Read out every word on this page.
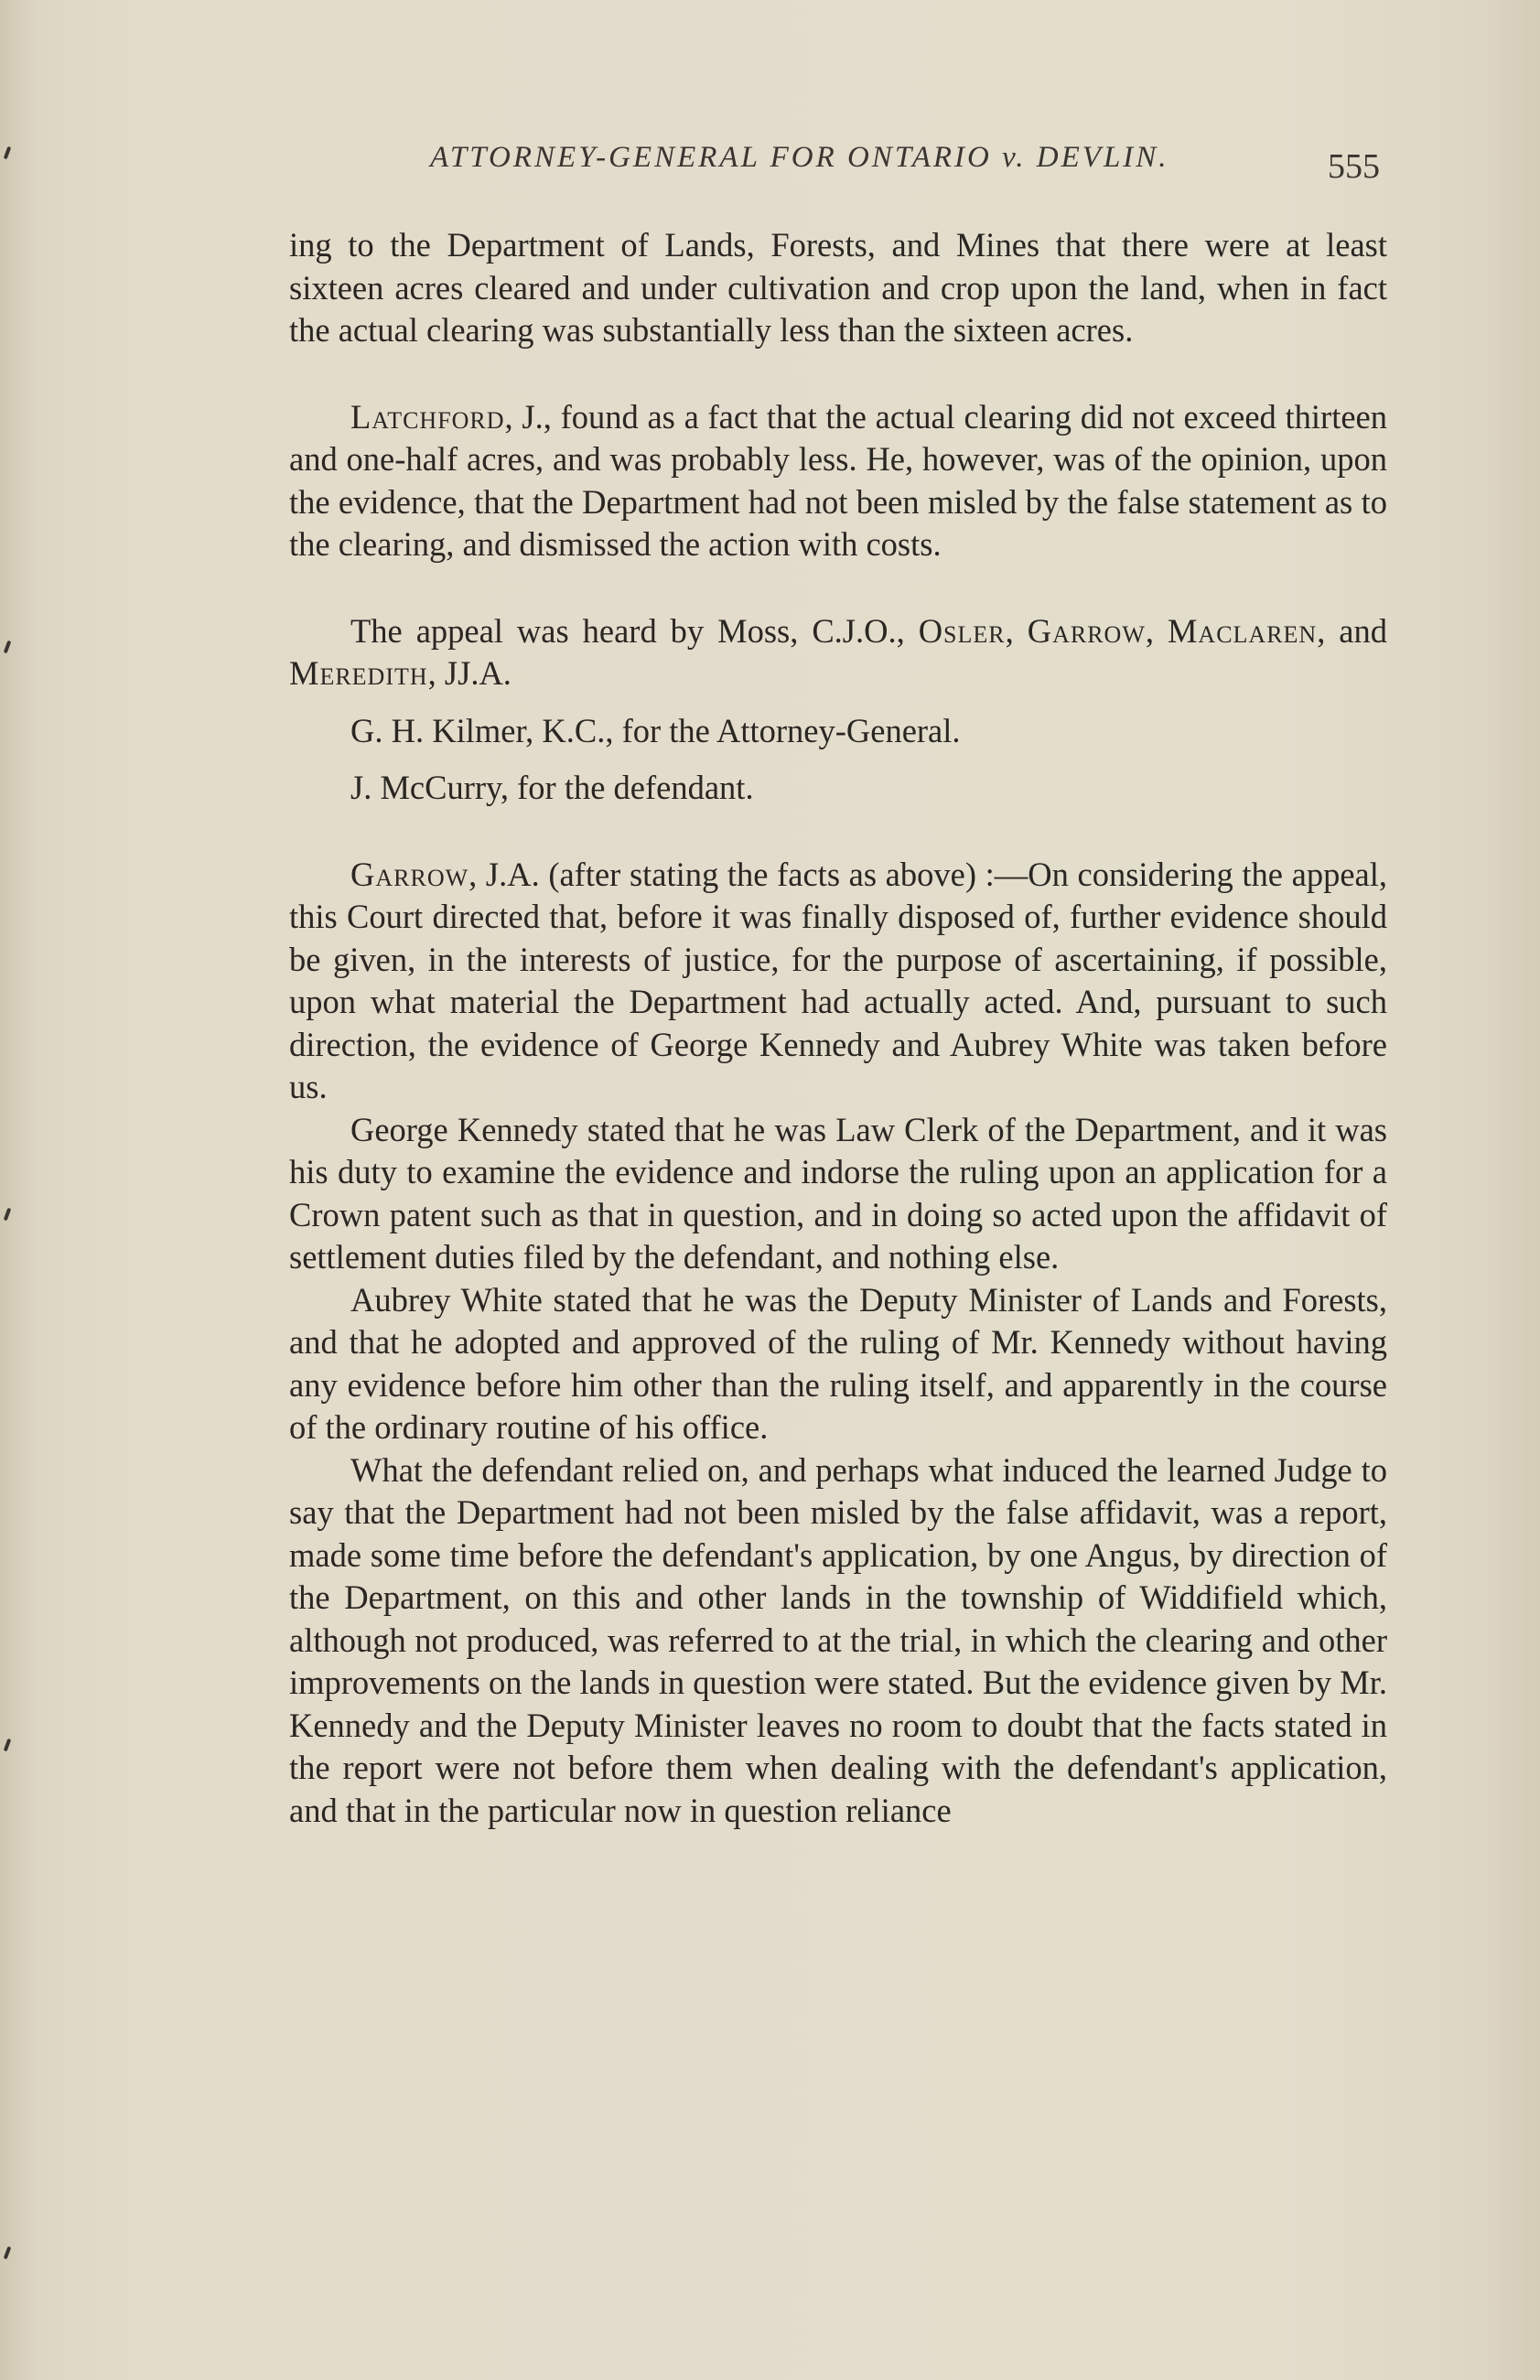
ATTORNEY-GENERAL FOR ONTARIO v. DEVLIN.	555

ing to the Department of Lands, Forests, and Mines that there were at least sixteen acres cleared and under cultivation and crop upon the land, when in fact the actual clearing was substantially less than the sixteen acres.

Latchford, J., found as a fact that the actual clearing did not exceed thirteen and one-half acres, and was probably less. He, however, was of the opinion, upon the evidence, that the Department had not been misled by the false statement as to the clearing, and dismissed the action with costs.

The appeal was heard by Moss, C.J.O., Osler, Garrow, Maclaren, and Meredith, JJ.A.

G. H. Kilmer, K.C., for the Attorney-General.

J. McCurry, for the defendant.

Garrow, J.A. (after stating the facts as above) :—On considering the appeal, this Court directed that, before it was finally disposed of, further evidence should be given, in the interests of justice, for the purpose of ascertaining, if possible, upon what material the Department had actually acted. And, pursuant to such direction, the evidence of George Kennedy and Aubrey White was taken before us.

George Kennedy stated that he was Law Clerk of the Department, and it was his duty to examine the evidence and indorse the ruling upon an application for a Crown patent such as that in question, and in doing so acted upon the affidavit of settlement duties filed by the defendant, and nothing else.

Aubrey White stated that he was the Deputy Minister of Lands and Forests, and that he adopted and approved of the ruling of Mr. Kennedy without having any evidence before him other than the ruling itself, and apparently in the course of the ordinary routine of his office.

What the defendant relied on, and perhaps what induced the learned Judge to say that the Department had not been misled by the false affidavit, was a report, made some time before the defendant's application, by one Angus, by direction of the Department, on this and other lands in the township of Widdifield which, although not produced, was referred to at the trial, in which the clearing and other improvements on the lands in question were stated. But the evidence given by Mr. Kennedy and the Deputy Minister leaves no room to doubt that the facts stated in the report were not before them when dealing with the defendant's application, and that in the particular now in question reliance
